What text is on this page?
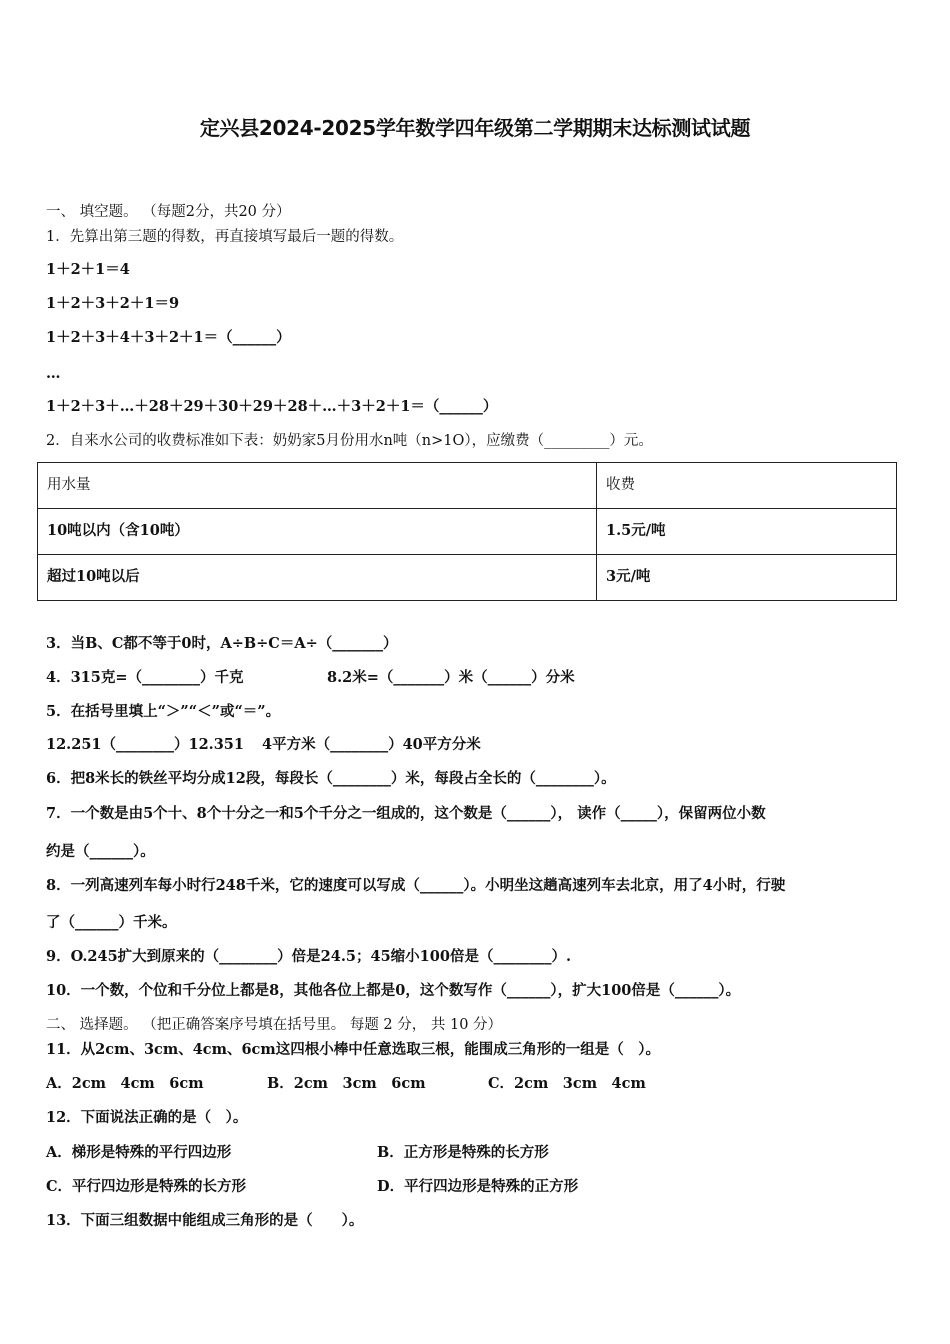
定兴县2024-2025学年数学四年级第二学期期末达标测试试题
一、 填空题。 （每题2分，共20 分）
1．先算出第三题的得数，再直接填写最后一题的得数。
1＋2＋1＝4
1＋2＋3＋2＋1＝9
1＋2＋3＋4＋3＋2＋1＝（______）
…
1＋2＋3＋…＋28＋29＋30＋29＋28＋…＋3＋2＋1＝（______）
2．自来水公司的收费标准如下表：奶奶家5月份用水n吨（n>1O），应缴费（_________）元。
用水量	收费
10吨以内（含10吨）	1.5元/吨
超过10吨以后	3元/吨
3．当B、C都不等于0时，A÷B÷C＝A÷（_______）
4．315克=（________）千克	8.2米=（_______）米（______）分米
5．在括号里填上“＞”“＜”或“＝”。
12.251（________）12.351 4平方米（________）40平方分米
6．把8米长的铁丝平均分成12段，每段长（________）米，每段占全长的（________）。
7．一个数是由5个十、8个十分之一和5个千分之一组成的，这个数是（______）， 读作（_____），保留两位小数
约是（______）。
8．一列高速列车每小时行248千米，它的速度可以写成（______）。小明坐这趟高速列车去北京，用了4小时，行驶
了（______）千米。
9．O.245扩大到原来的（________）倍是24.5；45缩小100倍是（________）.
10．一个数，个位和千分位上都是8，其他各位上都是0，这个数写作（______），扩大100倍是（______）。
二、 选择题。 （把正确答案序号填在括号里。 每题 2 分， 共 10 分）
11．从2cm、3cm、4cm、6cm这四根小棒中任意选取三根，能围成三角形的一组是（　）。
A．2cm　4cm　6cm	B．2cm　3cm　6cm	C．2cm　3cm　4cm
12．下面说法正确的是（　）。
A．梯形是特殊的平行四边形	B．正方形是特殊的长方形
C．平行四边形是特殊的长方形	D．平行四边形是特殊的正方形
13．下面三组数据中能组成三角形的是（　　）。
